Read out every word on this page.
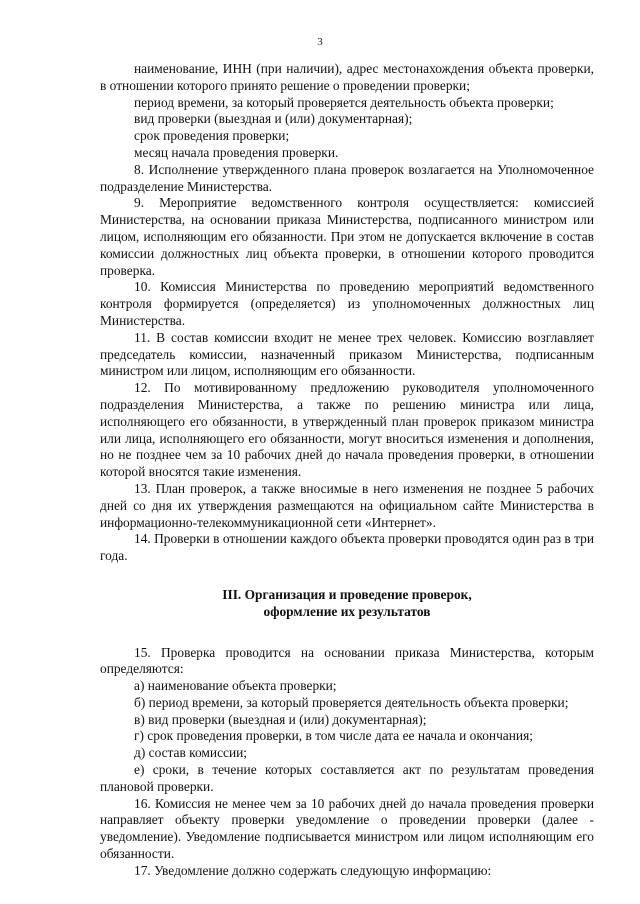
3

наименование, ИНН (при наличии), адрес местонахождения объекта проверки, в отношении которого принято решение о проведении проверки;

период времени, за который проверяется деятельность объекта проверки;

вид проверки (выездная и (или) документарная);

срок проведения проверки;

месяц начала проведения проверки.

8. Исполнение утвержденного плана проверок возлагается на Уполномоченное подразделение Министерства.

9. Мероприятие ведомственного контроля осуществляется: комиссией Министерства, на основании приказа Министерства, подписанного министром или лицом, исполняющим его обязанности. При этом не допускается включение в состав комиссии должностных лиц объекта проверки, в отношении которого проводится проверка.

10. Комиссия Министерства по проведению мероприятий ведомственного контроля формируется (определяется) из уполномоченных должностных лиц Министерства.

11. В состав комиссии входит не менее трех человек. Комиссию возглавляет председатель комиссии, назначенный приказом Министерства, подписанным министром или лицом, исполняющим его обязанности.

12. По мотивированному предложению руководителя уполномоченного подразделения Министерства, а также по решению министра или лица, исполняющего его обязанности, в утвержденный план проверок приказом министра или лица, исполняющего его обязанности, могут вноситься изменения и дополнения, но не позднее чем за 10 рабочих дней до начала проведения проверки, в отношении которой вносятся такие изменения.

13. План проверок, а также вносимые в него изменения не позднее 5 рабочих дней со дня их утверждения размещаются на официальном сайте Министерства в информационно-телекоммуникационной сети «Интернет».

14. Проверки в отношении каждого объекта проверки проводятся один раз в три года.

III. Организация и проведение проверок,
оформление их результатов

15. Проверка проводится на основании приказа Министерства, которым определяются:

а) наименование объекта проверки;

б) период времени, за который проверяется деятельность объекта проверки;

в) вид проверки (выездная и (или) документарная);

г) срок проведения проверки, в том числе дата ее начала и окончания;

д) состав комиссии;

е) сроки, в течение которых составляется акт по результатам проведения плановой проверки.

16. Комиссия не менее чем за 10 рабочих дней до начала проведения проверки направляет объекту проверки уведомление о проведении проверки (далее - уведомление). Уведомление подписывается министром или лицом исполняющим его обязанности.

17. Уведомление должно содержать следующую информацию:
